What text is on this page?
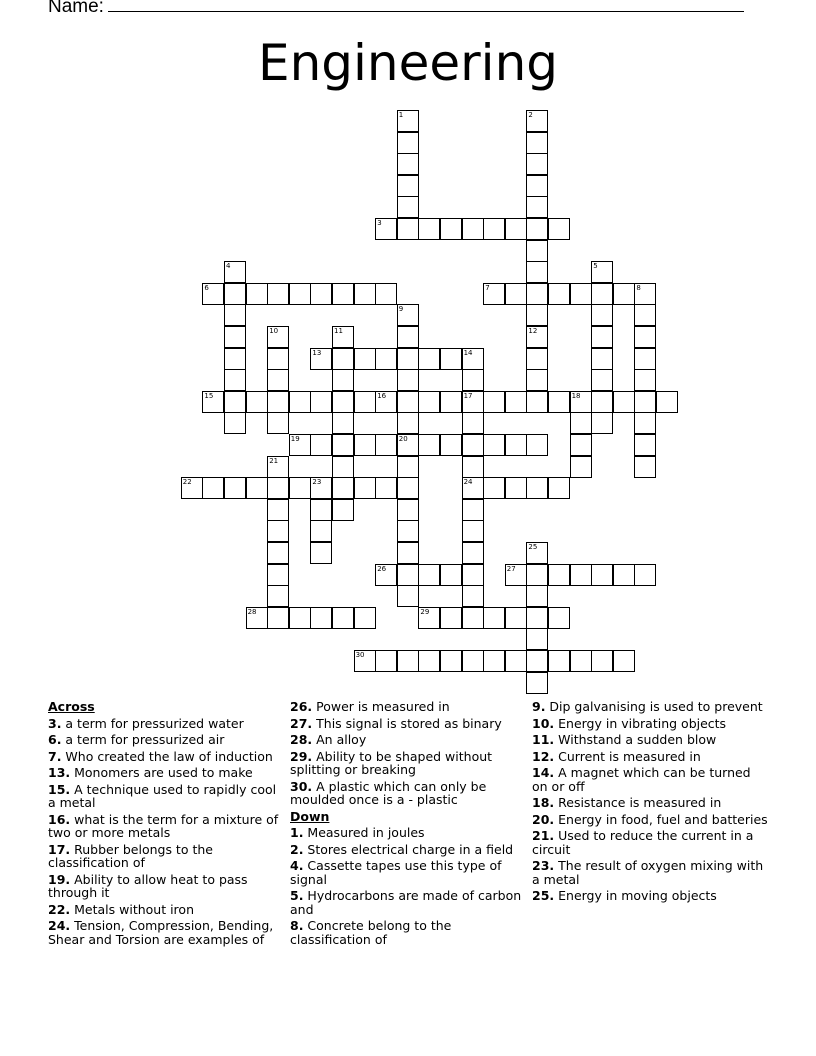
Name:
Engineering
1	2
3
4	5
6	7	8
9
20
10	11	12
13	14
17
24
15	16	18
19
21
22	23
25
26	27
28	29
30
Across
3. a term for pressurized water
6. a term for pressurized air
7. Who created the law of induction
13. Monomers are used to make
15. A technique used to rapidly cool a metal
16. what is the term for a mixture of two or more metals
17. Rubber belongs to the classification of
19. Ability to allow heat to pass through it
22. Metals without iron
24. Tension, Compression, Bending, Shear and Torsion are examples of
26. Power is measured in
27. This signal is stored as binary
28. An alloy
29. Ability to be shaped without splitting or breaking
30. A plastic which can only be moulded once is a - plastic
Down
1. Measured in joules
2. Stores electrical charge in a field
4. Cassette tapes use this type of signal
5. Hydrocarbons are made of carbon and
8. Concrete belong to the classification of
9. Dip galvanising is used to prevent
10. Energy in vibrating objects
11. Withstand a sudden blow
12. Current is measured in
14. A magnet which can be turned on or off
18. Resistance is measured in
20. Energy in food, fuel and batteries
21. Used to reduce the current in a circuit
23. The result of oxygen mixing with a metal
25. Energy in moving objects
